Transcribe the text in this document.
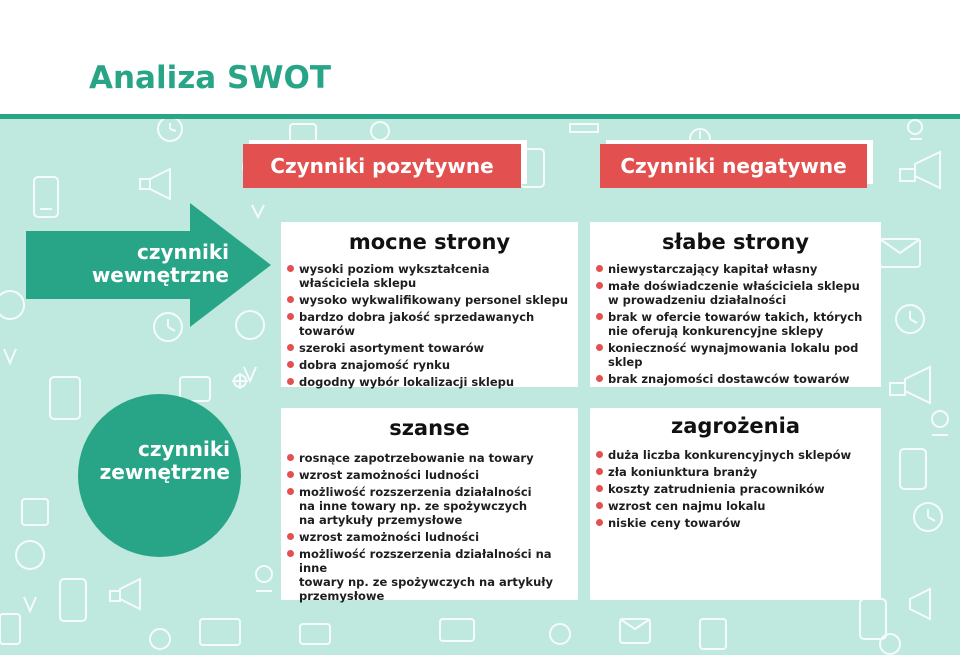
Analiza SWOT
Czynniki pozytywne	Czynniki negatywne
czynniki wewnętrzne
czynniki zewnętrzne
mocne strony
wysoki poziom wykształcenia
właściciela sklepu
wysoko wykwalifikowany personel sklepu
bardzo dobra jakość sprzedawanych towarów
szeroki asortyment towarów
dobra znajomość rynku
dogodny wybór lokalizacji sklepu
słabe strony
niewystarczający kapitał własny
małe doświadczenie właściciela sklepu
w prowadzeniu działalności
brak w ofercie towarów takich, których
nie oferują konkurencyjne sklepy
konieczność wynajmowania lokalu pod sklep
brak znajomości dostawców towarów
szanse
rosnące zapotrzebowanie na towary
wzrost zamożności ludności
możliwość rozszerzenia działalności
na inne towary np. ze spożywczych
na artykuły przemysłowe
wzrost zamożności ludności
możliwość rozszerzenia działalności na inne
towary np. ze spożywczych na artykuły
przemysłowe
zagrożenia
duża liczba konkurencyjnych sklepów
zła koniunktura branży
koszty zatrudnienia pracowników
wzrost cen najmu lokalu
niskie ceny towarów
